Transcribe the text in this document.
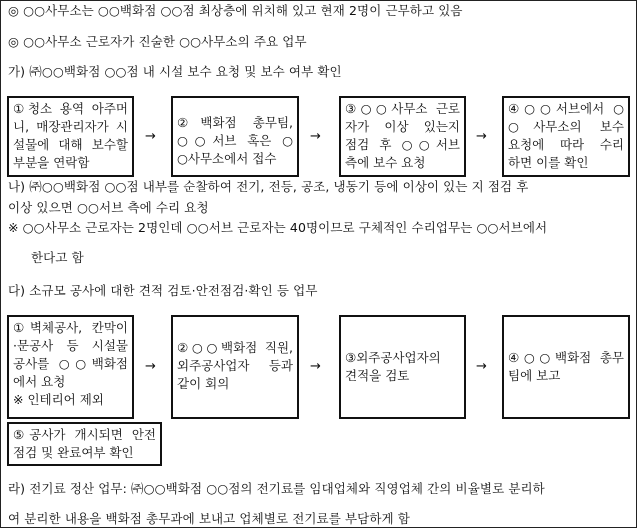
◎ ○○사무소는 ○○백화점 ○○점 최상층에 위치해 있고 현재 2명이 근무하고 있음
◎ ○○사무소 근로자가 진술한 ○○사무소의 주요 업무
가) ㈜○○백화점 ○○점 내 시설 보수 요청 및 보수 여부 확인
①청소 용역 아주머
니, 매장관리자가 시
설물에 대해 보수할
부분을 연락함
→
②백화점 총무팀,
○○서브 혹은 ○
○사무소에서 접수
→
③○○사무소 근로
자가 이상 있는지
점검 후 ○○서브
측에 보수 요청
→
④○○서브에서 ○
○사무소의 보수
요청에 따라 수리
하면 이를 확인
나) ㈜○○백화점 ○○점 내부를 순찰하여 전기, 전등, 공조, 냉동기 등에 이상이 있는 지 점검 후
이상 있으면 ○○서브 측에 수리 요청
※ ○○사무소 근로자는 2명인데 ○○서브 근로자는 40명이므로 구체적인 수리업무는 ○○서브에서
한다고 함
다) 소규모 공사에 대한 견적 검토·안전점검·확인 등 업무
①벽체공사, 칸막이
·문공사 등 시설물
공사를 ○○백화점
에서 요청
※ 인테리어 제외
→
②○○백화점 직원,
외주공사업자 등과
같이 회의
→
③외주공사업자의
견적을 검토
→
④○○백화점 총무
팀에 보고
⑤공사가 개시되면 안전
점검 및 완료여부 확인
라) 전기료 정산 업무: ㈜○○백화점 ○○점의 전기료를 임대업체와 직영업체 간의 비율별로 분리하
여 분리한 내용을 백화점 총무과에 보내고 업체별로 전기료를 부담하게 함
